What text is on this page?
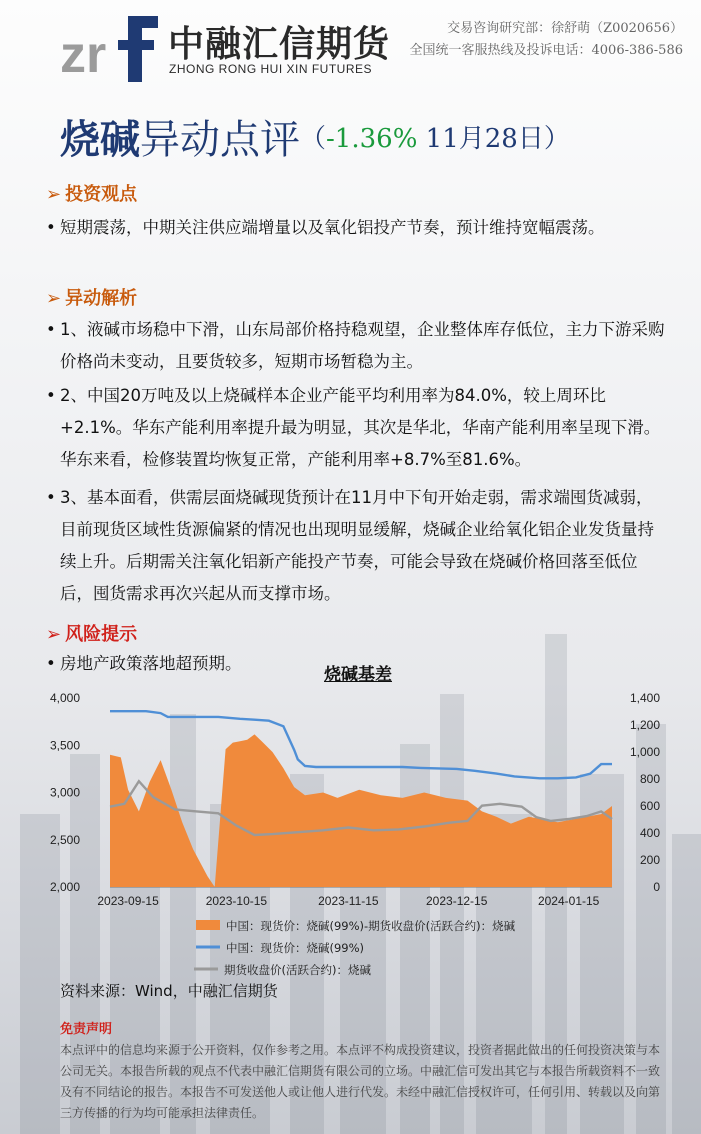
zr 中融汇信期货
ZHONG RONG HUI XIN FUTURES
交易咨询研究部：徐舒萌（Z0020656）
全国统一客服热线及投诉电话：4006-386-586
烧碱异动点评（-1.36% 11月28日）
➢ 投资观点
• 短期震荡，中期关注供应端增量以及氧化铝投产节奏，预计维持宽幅震荡。
➢ 异动解析
• 1、液碱市场稳中下滑，山东局部价格持稳观望，企业整体库存低位，主力下游采购价格尚未变动，且要货较多，短期市场暂稳为主。
• 2、中国20万吨及以上烧碱样本企业产能平均利用率为84.0%，较上周环比+2.1%。华东产能利用率提升最为明显，其次是华北，华南产能利用率呈现下滑。华东来看，检修装置均恢复正常，产能利用率+8.7%至81.6%。
• 3、基本面看，供需层面烧碱现货预计在11月中下旬开始走弱，需求端囤货减弱，目前现货区域性货源偏紧的情况也出现明显缓解，烧碱企业给氧化铝企业发货量持续上升。后期需关注氧化铝新产能投产节奏，可能会导致在烧碱价格回落至低位后，囤货需求再次兴起从而支撑市场。
➢ 风险提示
• 房地产政策落地超预期。
烧碱基差
4,000
3,500
3,000
2,500
2,000
1,400
1,200
1,000
800
600
400
200
0
2023-09-15	2023-10-15	2023-11-15	2023-12-15	2024-01-15
中国：现货价：烧碱(99%)-期货收盘价(活跃合约)：烧碱
中国：现货价：烧碱(99%)
期货收盘价(活跃合约)：烧碱
资料来源：Wind，中融汇信期货
免责声明
本点评中的信息均来源于公开资料，仅作参考之用。本点评不构成投资建议，投资者据此做出的任何投资决策与本公司无关。本报告所载的观点不代表中融汇信期货有限公司的立场。中融汇信可发出其它与本报告所载资料不一致及有不同结论的报告。本报告不可发送他人或让他人进行代发。未经中融汇信授权许可，任何引用、转载以及向第三方传播的行为均可能承担法律责任。
